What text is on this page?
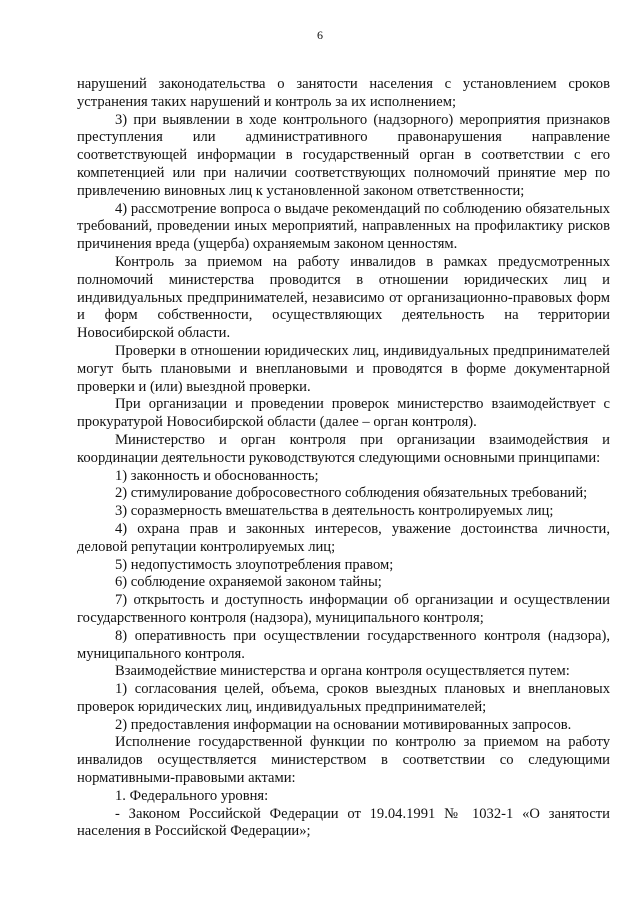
6

нарушений законодательства о занятости населения с установлением сроков устранения таких нарушений и контроль за их исполнением;

3) при выявлении в ходе контрольного (надзорного) мероприятия признаков преступления или административного правонарушения направление соответствующей информации в государственный орган в соответствии с его компетенцией или при наличии соответствующих полномочий принятие мер по привлечению виновных лиц к установленной законом ответственности;

4) рассмотрение вопроса о выдаче рекомендаций по соблюдению обязательных требований, проведении иных мероприятий, направленных на профилактику рисков причинения вреда (ущерба) охраняемым законом ценностям.

Контроль за приемом на работу инвалидов в рамках предусмотренных полномочий министерства проводится в отношении юридических лиц и индивидуальных предпринимателей, независимо от организационно-правовых форм и форм собственности, осуществляющих деятельность на территории Новосибирской области.

Проверки в отношении юридических лиц, индивидуальных предпринимателей могут быть плановыми и внеплановыми и проводятся в форме документарной проверки и (или) выездной проверки.

При организации и проведении проверок министерство взаимодействует с прокуратурой Новосибирской области (далее – орган контроля).

Министерство и орган контроля при организации взаимодействия и координации деятельности руководствуются следующими основными принципами:

1) законность и обоснованность;

2) стимулирование добросовестного соблюдения обязательных требований;

3) соразмерность вмешательства в деятельность контролируемых лиц;

4) охрана прав и законных интересов, уважение достоинства личности, деловой репутации контролируемых лиц;

5) недопустимость злоупотребления правом;

6) соблюдение охраняемой законом тайны;

7) открытость и доступность информации об организации и осуществлении государственного контроля (надзора), муниципального контроля;

8) оперативность при осуществлении государственного контроля (надзора), муниципального контроля.

Взаимодействие министерства и органа контроля осуществляется путем:

1) согласования целей, объема, сроков выездных плановых и внеплановых проверок юридических лиц, индивидуальных предпринимателей;

2) предоставления информации на основании мотивированных запросов.

Исполнение государственной функции по контролю за приемом на работу инвалидов осуществляется министерством в соответствии со следующими нормативными-правовыми актами:

1. Федерального уровня:

- Законом Российской Федерации от 19.04.1991 № 1032-1 «О занятости населения в Российской Федерации»;
